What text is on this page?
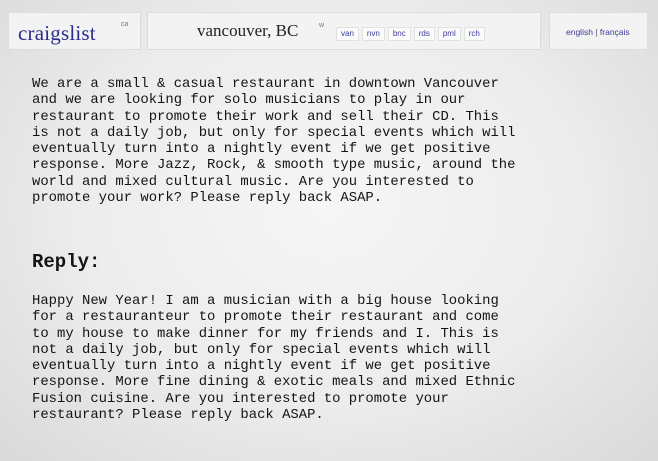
craigslist	ca	vancouver, BC	w
van	nvn	bnc	rds	pml	rch	english | français
We are a small & casual restaurant in downtown Vancouver
and we are looking for solo musicians to play in our
restaurant to promote their work and sell their CD. This
is not a daily job, but only for special events which will
eventually turn into a nightly event if we get positive
response. More Jazz, Rock, & smooth type music, around the
world and mixed cultural music. Are you interested to
promote your work? Please reply back ASAP.
Reply:
Happy New Year! I am a musician with a big house looking
for a restauranteur to promote their restaurant and come
to my house to make dinner for my friends and I. This is
not a daily job, but only for special events which will
eventually turn into a nightly event if we get positive
response. More fine dining & exotic meals and mixed Ethnic
Fusion cuisine. Are you interested to promote your
restaurant? Please reply back ASAP.
